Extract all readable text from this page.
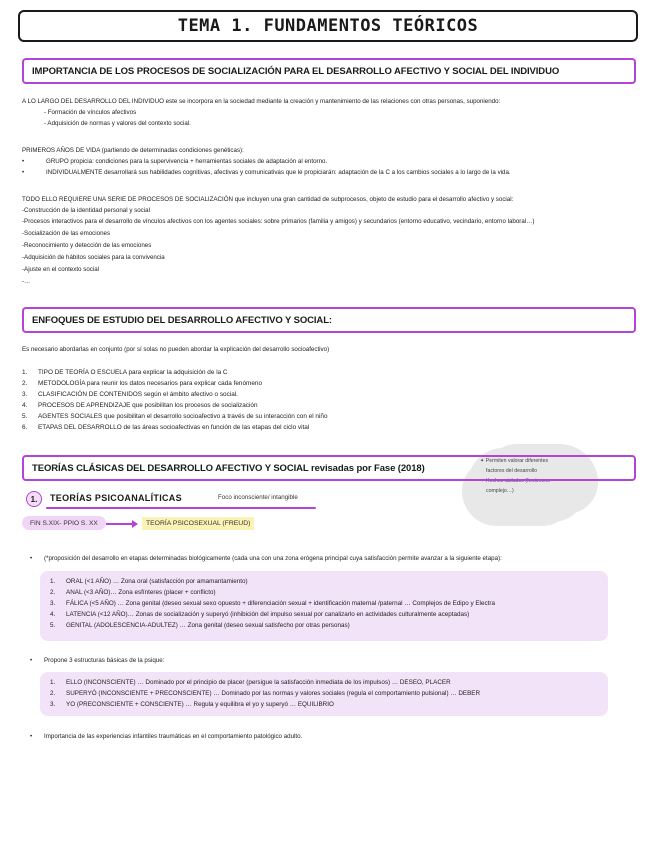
TEMA 1. FUNDAMENTOS TEÓRICOS
IMPORTANCIA DE LOS PROCESOS DE SOCIALIZACIÓN PARA EL DESARROLLO AFECTIVO Y SOCIAL DEL INDIVIDUO
A LO LARGO DEL DESARROLLO DEL INDIVIDUO este se incorpora en la sociedad mediante la creación y mantenimiento de las relaciones con otras personas, suponiendo:
- Formación de vínculos afectivos
- Adquisición de normas y valores del contexto social.
PRIMEROS AÑOS DE VIDA (partiendo de determinadas condiciones genéticas):
•	GRUPO propicia: condiciones para la supervivencia + herramientas sociales de adaptación al entorno.
•	INDIVIDUALMENTE desarrollará sus habilidades cognitivas, afectivas y comunicativas que le propiciarán: adaptación de la C a los cambios sociales a lo largo de la vida.
TODO ELLO REQUIERE UNA SERIE DE PROCESOS DE SOCIALIZACIÓN que incluyen una gran cantidad de subprocesos, objeto de estudio para el desarrollo afectivo y social:
-Construcción de la identidad personal y social
-Procesos interactivos para el desarrollo de vínculos afectivos con los agentes sociales: sobre primarios (familia y amigos) y secundarios (entorno educativo, vecindario, entorno laboral…)
-Socialización de las emociones
-Reconocimiento y detección de las emociones
-Adquisición de hábitos sociales para la convivencia
-Ajuste en el contexto social
-…
ENFOQUES DE ESTUDIO DEL DESARROLLO AFECTIVO Y SOCIAL:
Es necesario abordarlas en conjunto (por sí solas no pueden abordar la explicación del desarrollo socioafectivo)
1.	TIPO DE TEORÍA O ESCUELA para explicar la adquisición de la C
2.	METODOLOGÍA para reunir los datos necesarios para explicar cada fenómeno
3.	CLASIFICACIÓN DE CONTENIDOS según el ámbito afectivo o social.
4.	PROCESOS DE APRENDIZAJE que posibilitan los procesos de socialización
5.	AGENTES SOCIALES que posibilitan el desarrollo socioafectivo a través de su interacción con el niño
6.	ETAPAS DEL DESARROLLO de las áreas socioafectivas en función de las etapas del ciclo vital
✦ Permiten valorar diferentes
factores del desarrollo
✦ Hechos aislados (fenómeno
complejo…)
TEORÍAS CLÁSICAS DEL DESARROLLO AFECTIVO Y SOCIAL revisadas por Fase (2018)
1.	TEORÍAS PSICOANALÍTICAS	Foco inconsciente/ intangible
FIN S.XIX- PPIO S. XX	TEORÍA PSICOSEXUAL (FREUD)
• (*proposición del desarrollo en etapas determinadas biológicamente (cada una con una zona erógena principal cuya satisfacción permite avanzar a la siguiente etapa):
1.	ORAL (<1 AÑO) … Zona oral (satisfacción por amamantamiento)
2.	ANAL (<3 AÑO)… Zona esfínteres (placer + conflicto)
3.	FÁLICA (<5 AÑO) … Zona genital (deseo sexual sexo opuesto + diferenciación sexual + identificación maternal /paternal … Complejos de Edipo y Electra
4.	LATENCIA (<12 AÑO)… Zonas de socialización y superyó (inhibición del impulso sexual por canalizarlo en actividades culturalmente aceptadas)
5.	GENITAL (ADOLESCENCIA-ADULTEZ) … Zona genital (deseo sexual satisfecho por otras personas)
• Propone 3 estructuras básicas de la psique:
1.	ELLO (INCONSCIENTE) … Dominado por el principio de placer (persigue la satisfacción inmediata de los impulsos) … DESEO, PLACER
2.	SUPERYÓ (INCONSCIENTE + PRECONSCIENTE) … Dominado por las normas y valores sociales (regula el comportamiento pulsional) … DEBER
3.	YO (PRECONSCIENTE + CONSCIENTE) … Regula y equilibra el yo y superyó … EQUILIBRIO
• Importancia de las experiencias infantiles traumáticas en el comportamiento patológico adulto.
